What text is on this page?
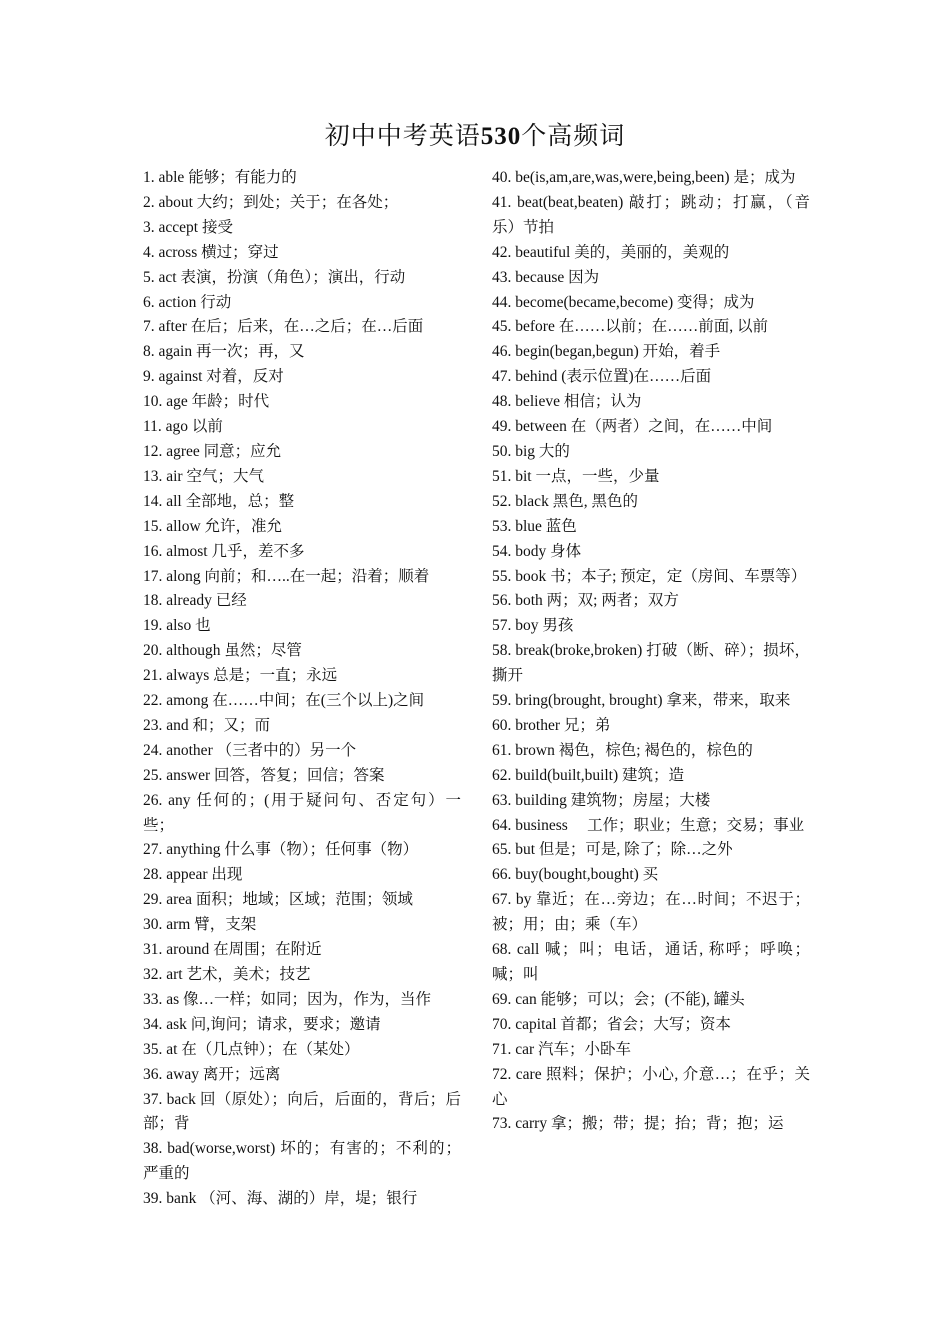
初中中考英语530个高频词
1. able 能够；有能力的
2. about 大约；到处；关于；在各处；
3. accept 接受
4. across 横过；穿过
5. act 表演，扮演（角色）；演出，行动
6. action 行动
7. after 在后；后来，在…之后；在…后面
8. again 再一次；再，又
9. against 对着，反对
10. age 年龄；时代
11. ago 以前
12. agree 同意；应允
13. air 空气；大气
14. all 全部地，总；整
15. allow 允许，准允
16. almost 几乎，差不多
17. along 向前；和…..在一起；沿着；顺着
18. already 已经
19. also 也
20. although 虽然；尽管
21. always 总是；一直；永远
22. among 在……中间；在(三个以上)之间
23. and 和；又；而
24. another （三者中的）另一个
25. answer 回答，答复；回信；答案
26. any 任何的；(用于疑问句、否定句）一些；
27. anything 什么事（物）；任何事（物）
28. appear 出现
29. area 面积；地域；区域；范围；领域
30. arm 臂，支架
31. around 在周围；在附近
32. art 艺术，美术；技艺
33. as 像…一样；如同；因为，作为，当作
34. ask 问,询问；请求，要求；邀请
35. at 在（几点钟）；在（某处）
36. away 离开；远离
37. back 回（原处）；向后，后面的，背后；后部；背
38. bad(worse,worst) 坏的；有害的；不利的；严重的
39. bank （河、海、湖的）岸，堤；银行
40. be(is,am,are,was,were,being,been) 是；成为
41. beat(beat,beaten) 敲打；跳动；打赢，（音乐）节拍
42. beautiful 美的，美丽的，美观的
43. because 因为
44. become(became,become) 变得；成为
45. before 在……以前；在……前面, 以前
46. begin(began,begun) 开始，着手
47. behind (表示位置)在……后面
48. believe 相信；认为
49. between 在（两者）之间，在……中间
50. big 大的
51. bit 一点，一些，少量
52. black 黑色, 黑色的
53. blue 蓝色
54. body 身体
55. book 书；本子; 预定，定（房间、车票等）
56. both 两；双; 两者；双方
57. boy 男孩
58. break(broke,broken) 打破（断、碎）；损坏，撕开
59. bring(brought, brought) 拿来，带来，取来
60. brother 兄；弟
61. brown 褐色，棕色; 褐色的，棕色的
62. build(built,built) 建筑；造
63. building 建筑物；房屋；大楼
64. business 　工作；职业；生意；交易；事业
65. but 但是；可是, 除了；除…之外
66. buy(bought,bought) 买
67. by 靠近；在…旁边；在…时间；不迟于；被；用；由；乘（车）
68. call 喊；叫；电话，通话, 称呼；呼唤；喊；叫
69. can 能够；可以；会；(不能), 罐头
70. capital 首都；省会；大写；资本
71. car 汽车；小卧车
72. care 照料；保护；小心, 介意…；在乎；关心
73. carry 拿；搬；带；提；抬；背；抱；运
